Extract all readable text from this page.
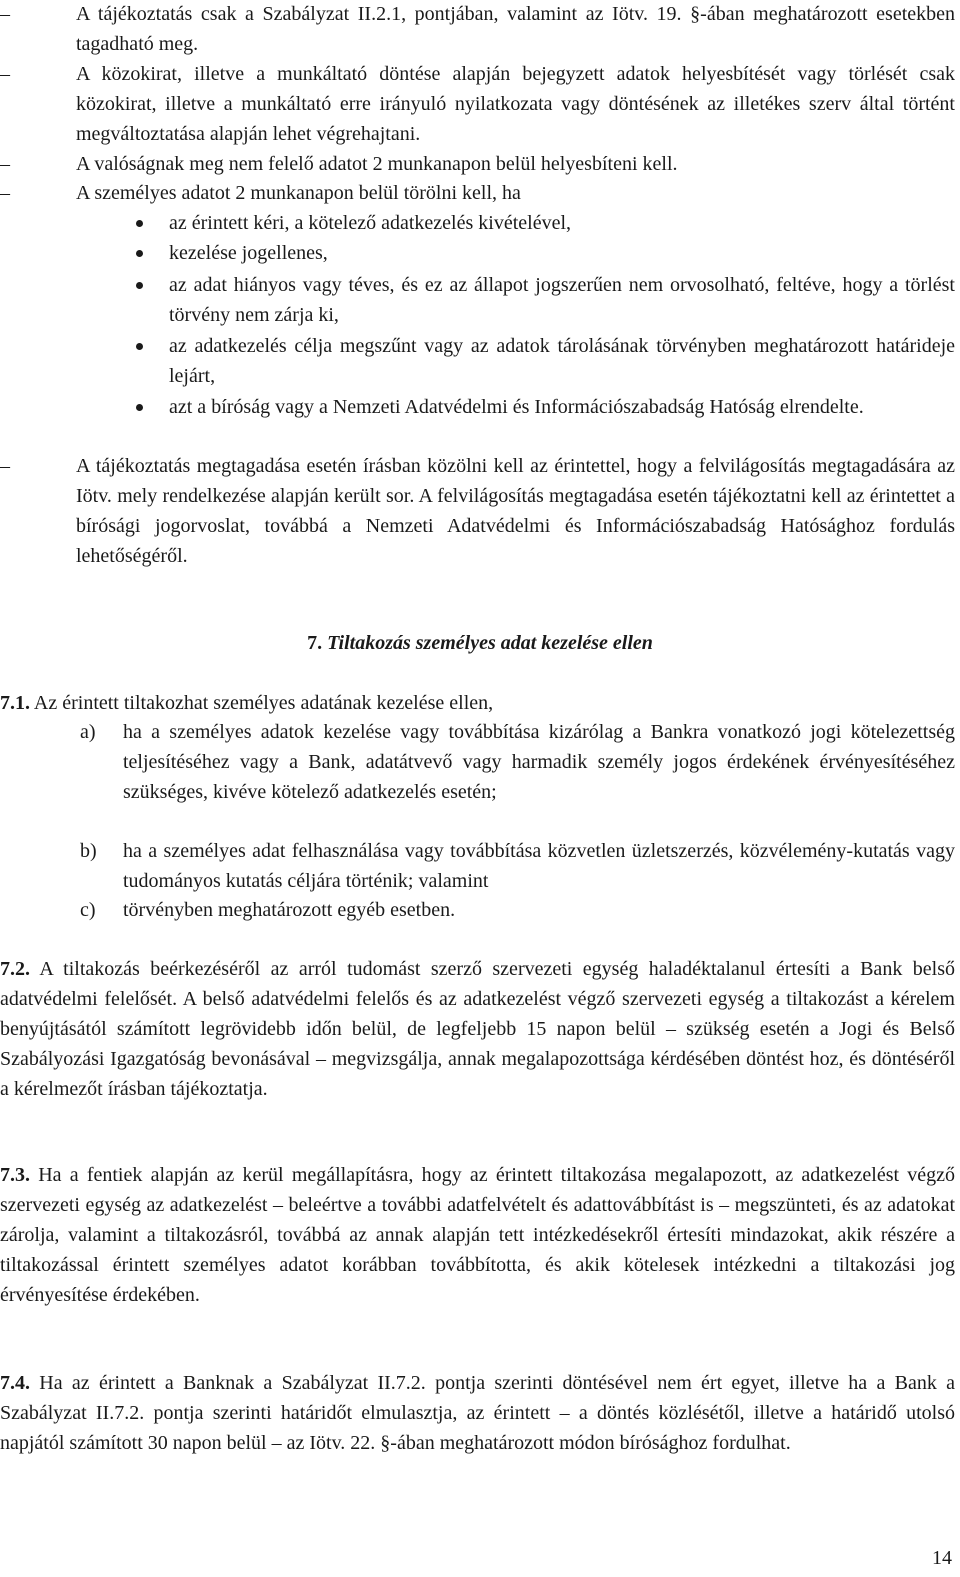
–	A tájékoztatás csak a Szabályzat II.2.1, pontjában, valamint az Iötv. 19. §-ában meghatározott esetekben tagadható meg.
–	A közokirat, illetve a munkáltató döntése alapján bejegyzett adatok helyesbítését vagy törlését csak közokirat, illetve a munkáltató erre irányuló nyilatkozata vagy döntésének az illetékes szerv által történt megváltoztatása alapján lehet végrehajtani.
–	A valóságnak meg nem felelő adatot 2 munkanapon belül helyesbíteni kell.
–	A személyes adatot 2 munkanapon belül törölni kell, ha
az érintett kéri, a kötelező adatkezelés kivételével,
kezelése jogellenes,
az adat hiányos vagy téves, és ez az állapot jogszerűen nem orvosolható, feltéve, hogy a törlést törvény nem zárja ki,
az adatkezelés célja megszűnt vagy az adatok tárolásának törvényben meghatározott határideje lejárt,
azt a bíróság vagy a Nemzeti Adatvédelmi és Információszabadság Hatóság elrendelte.
–	A tájékoztatás megtagadása esetén írásban közölni kell az érintettel, hogy a felvilágosítás megtagadására az Iötv. mely rendelkezése alapján került sor. A felvilágosítás megtagadása esetén tájékoztatni kell az érintettet a bírósági jogorvoslat, továbbá a Nemzeti Adatvédelmi és Információszabadság Hatósághoz fordulás lehetőségéről.
7. Tiltakozás személyes adat kezelése ellen
7.1. Az érintett tiltakozhat személyes adatának kezelése ellen,
a) ha a személyes adatok kezelése vagy továbbítása kizárólag a Bankra vonatkozó jogi kötelezettség teljesítéséhez vagy a Bank, adatátvevő vagy harmadik személy jogos érdekének érvényesítéséhez szükséges, kivéve kötelező adatkezelés esetén;
b) ha a személyes adat felhasználása vagy továbbítása közvetlen üzletszerzés, közvélemény-kutatás vagy tudományos kutatás céljára történik; valamint
c) törvényben meghatározott egyéb esetben.
7.2. A tiltakozás beérkezéséről az arról tudomást szerző szervezeti egység haladéktalanul értesíti a Bank belső adatvédelmi felelősét. A belső adatvédelmi felelős és az adatkezelést végző szervezeti egység a tiltakozást a kérelem benyújtásától számított legrövidebb időn belül, de legfeljebb 15 napon belül – szükség esetén a Jogi és Belső Szabályozási Igazgatóság bevonásával – megvizsgálja, annak megalapozottsága kérdésében döntést hoz, és döntéséről a kérelmezőt írásban tájékoztatja.
7.3. Ha a fentiek alapján az kerül megállapításra, hogy az érintett tiltakozása megalapozott, az adatkezelést végző szervezeti egység az adatkezelést – beleértve a további adatfelvételt és adattovábbítást is – megszünteti, és az adatokat zárolja, valamint a tiltakozásról, továbbá az annak alapján tett intézkedésekről értesíti mindazokat, akik részére a tiltakozással érintett személyes adatot korábban továbbította, és akik kötelesek intézkedni a tiltakozási jog érvényesítése érdekében.
7.4. Ha az érintett a Banknak a Szabályzat II.7.2. pontja szerinti döntésével nem ért egyet, illetve ha a Bank a Szabályzat II.7.2. pontja szerinti határidőt elmulasztja, az érintett – a döntés közlésétől, illetve a határidő utolsó napjától számított 30 napon belül – az Iötv. 22. §-ában meghatározott módon bírósághoz fordulhat.
14
